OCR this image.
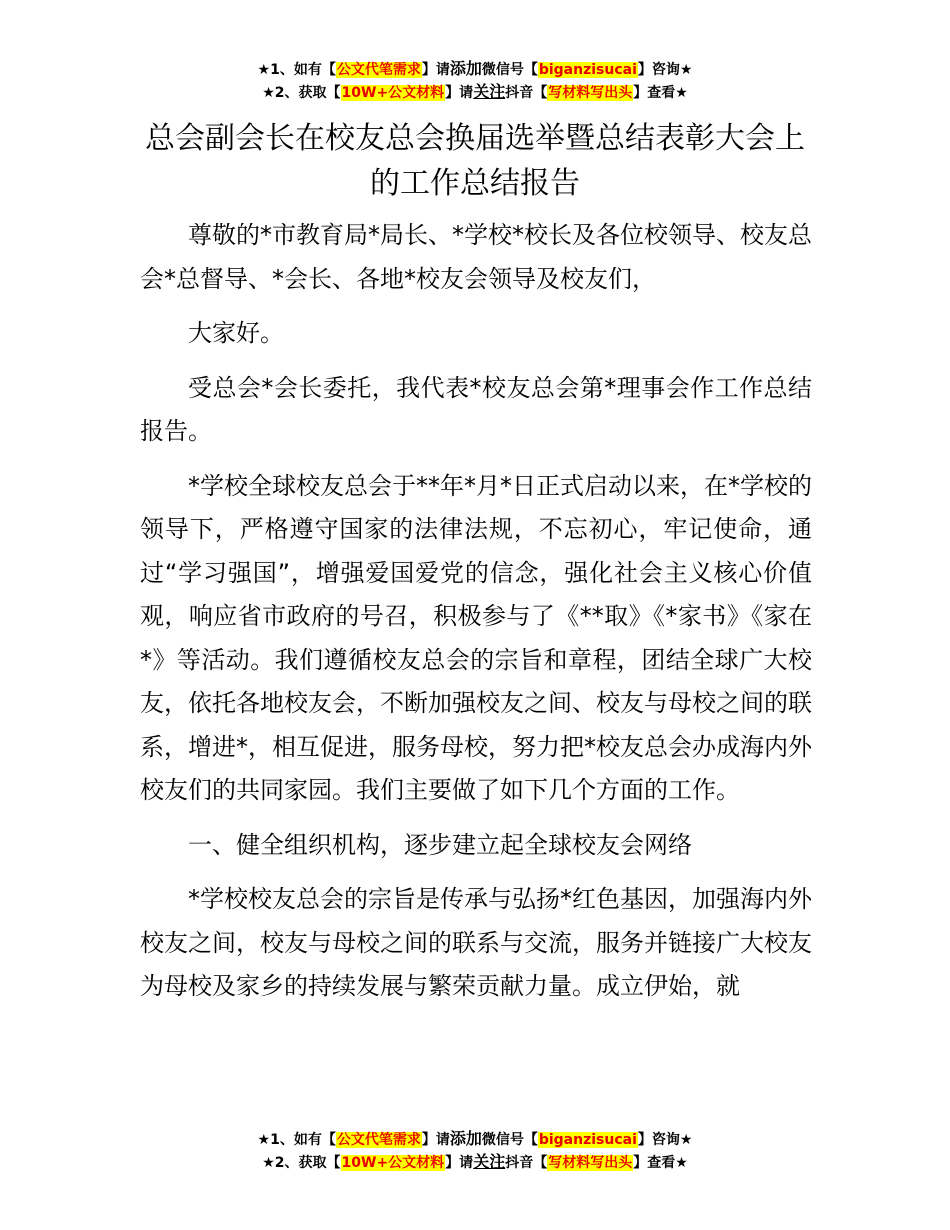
★1、如有【公文代笔需求】请添加微信号【biganzisucai】咨询★
★2、获取【10W+公文材料】请关注抖音【写材料写出头】查看★
总会副会长在校友总会换届选举暨总结表彰大会上的工作总结报告

尊敬的*市教育局*局长、*学校*校长及各位校领导、校友总会*总督导、*会长、各地*校友会领导及校友们，

大家好。

受总会*会长委托，我代表*校友总会第*理事会作工作总结报告。

*学校全球校友总会于**年*月*日正式启动以来，在*学校的领导下，严格遵守国家的法律法规，不忘初心，牢记使命，通过“学习强国”，增强爱国爱党的信念，强化社会主义核心价值观，响应省市政府的号召，积极参与了《**取》《*家书》《家在*》等活动。我们遵循校友总会的宗旨和章程，团结全球广大校友，依托各地校友会，不断加强校友之间、校友与母校之间的联系，增进*，相互促进，服务母校，努力把*校友总会办成海内外校友们的共同家园。我们主要做了如下几个方面的工作。

一、健全组织机构，逐步建立起全球校友会网络

*学校校友总会的宗旨是传承与弘扬*红色基因，加强海内外校友之间，校友与母校之间的联系与交流，服务并链接广大校友为母校及家乡的持续发展与繁荣贡献力量。成立伊始，就

★1、如有【公文代笔需求】请添加微信号【biganzisucai】咨询★
★2、获取【10W+公文材料】请关注抖音【写材料写出头】查看★
